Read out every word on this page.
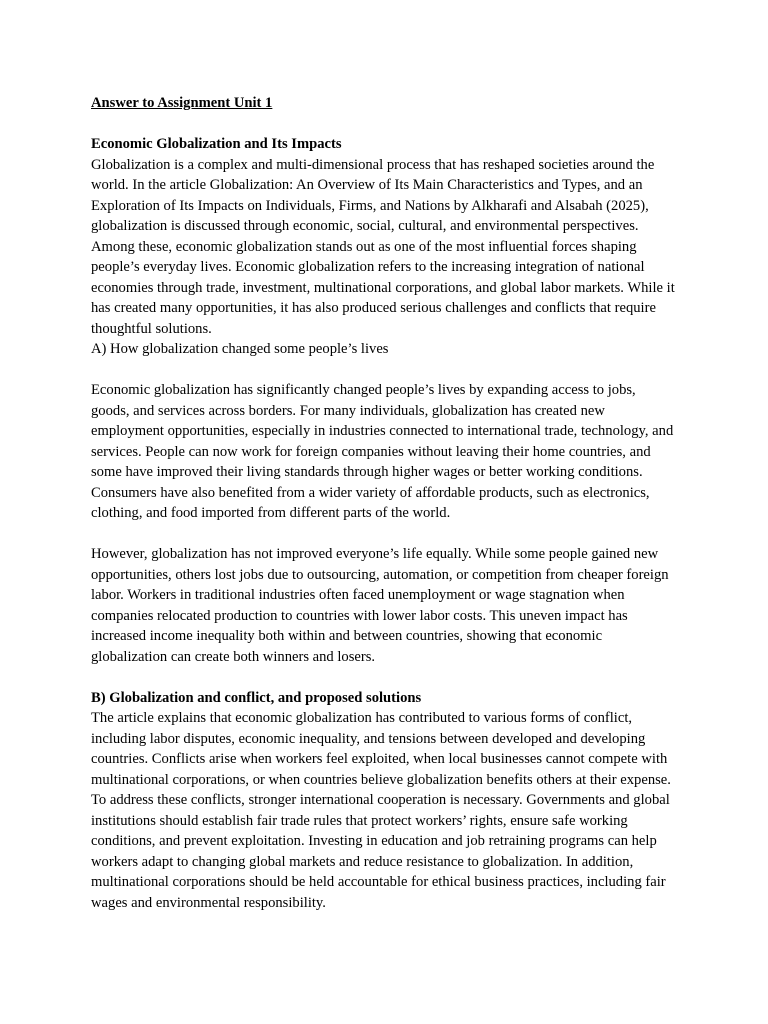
Answer to Assignment Unit 1

Economic Globalization and Its Impacts

Globalization is a complex and multi-dimensional process that has reshaped societies around the world. In the article Globalization: An Overview of Its Main Characteristics and Types, and an Exploration of Its Impacts on Individuals, Firms, and Nations by Alkharafi and Alsabah (2025), globalization is discussed through economic, social, cultural, and environmental perspectives. Among these, economic globalization stands out as one of the most influential forces shaping people’s everyday lives. Economic globalization refers to the increasing integration of national economies through trade, investment, multinational corporations, and global labor markets. While it has created many opportunities, it has also produced serious challenges and conflicts that require thoughtful solutions.

A) How globalization changed some people’s lives

Economic globalization has significantly changed people’s lives by expanding access to jobs, goods, and services across borders. For many individuals, globalization has created new employment opportunities, especially in industries connected to international trade, technology, and services. People can now work for foreign companies without leaving their home countries, and some have improved their living standards through higher wages or better working conditions. Consumers have also benefited from a wider variety of affordable products, such as electronics, clothing, and food imported from different parts of the world.

However, globalization has not improved everyone’s life equally. While some people gained new opportunities, others lost jobs due to outsourcing, automation, or competition from cheaper foreign labor. Workers in traditional industries often faced unemployment or wage stagnation when companies relocated production to countries with lower labor costs. This uneven impact has increased income inequality both within and between countries, showing that economic globalization can create both winners and losers.

B) Globalization and conflict, and proposed solutions

The article explains that economic globalization has contributed to various forms of conflict, including labor disputes, economic inequality, and tensions between developed and developing countries. Conflicts arise when workers feel exploited, when local businesses cannot compete with multinational corporations, or when countries believe globalization benefits others at their expense.

To address these conflicts, stronger international cooperation is necessary. Governments and global institutions should establish fair trade rules that protect workers’ rights, ensure safe working conditions, and prevent exploitation. Investing in education and job retraining programs can help workers adapt to changing global markets and reduce resistance to globalization. In addition, multinational corporations should be held accountable for ethical business practices, including fair wages and environmental responsibility.
